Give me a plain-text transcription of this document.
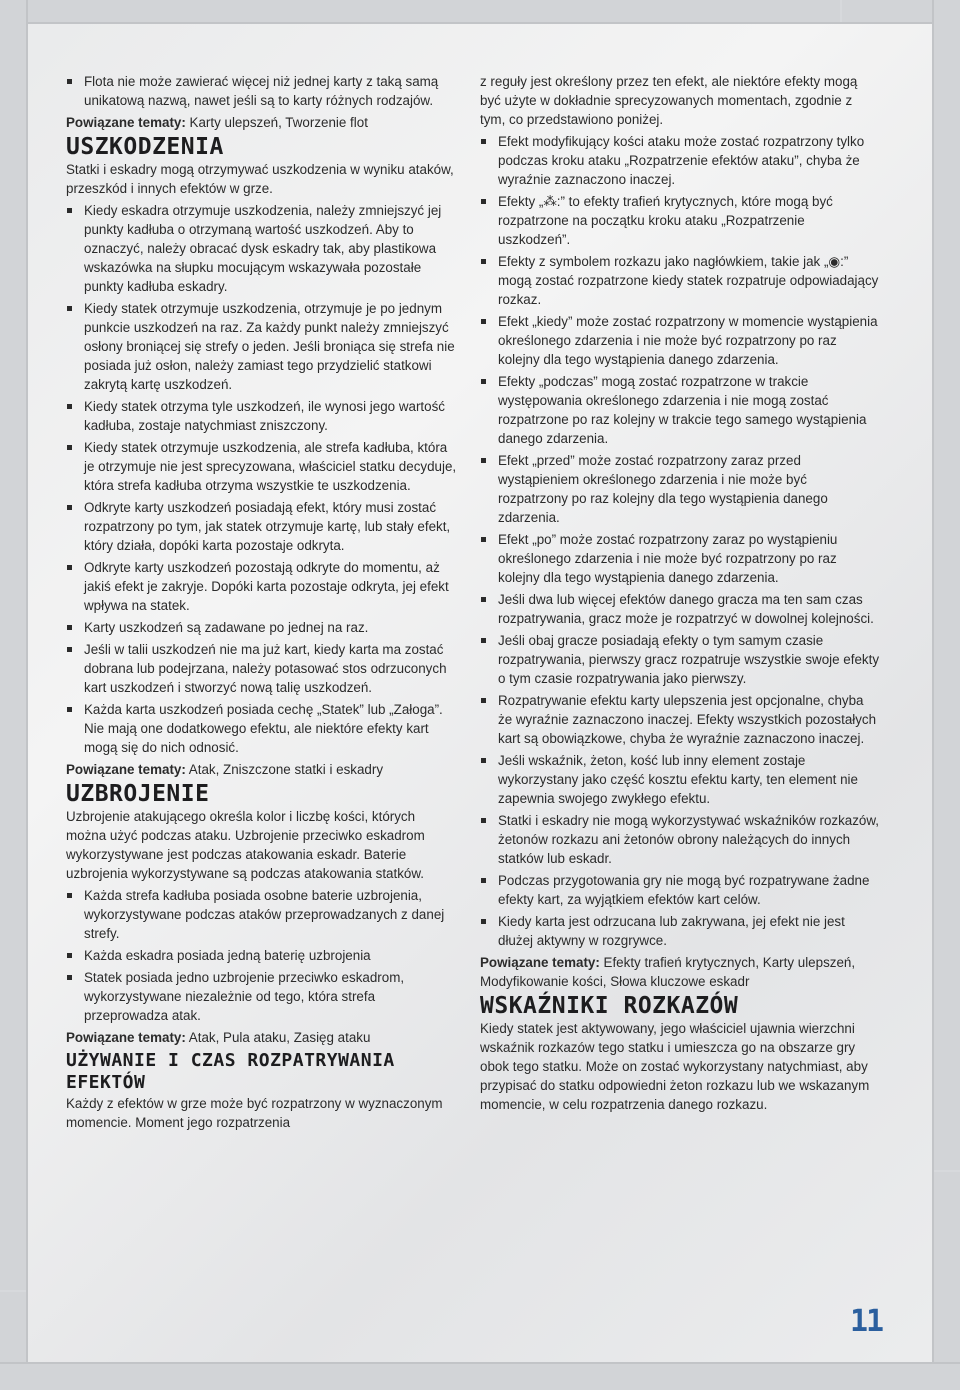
Flota nie może zawierać więcej niż jednej karty z taką samą unikatową nazwą, nawet jeśli są to karty różnych rodzajów.

Powiązane tematy: Karty ulepszeń, Tworzenie flot

USZKODZENIA

Statki i eskadry mogą otrzymywać uszkodzenia w wyniku ataków, przeszkód i innych efektów w grze.

Kiedy eskadra otrzymuje uszkodzenia, należy zmniejszyć jej punkty kadłuba o otrzymaną wartość uszkodzeń. Aby to oznaczyć, należy obracać dysk eskadry tak, aby plastikowa wskazówka na słupku mocującym wskazywała pozostałe punkty kadłuba eskadry.
Kiedy statek otrzymuje uszkodzenia, otrzymuje je po jednym punkcie uszkodzeń na raz. Za każdy punkt należy zmniejszyć osłony broniącej się strefy o jeden. Jeśli broniąca się strefa nie posiada już osłon, należy zamiast tego przydzielić statkowi zakrytą kartę uszkodzeń.
Kiedy statek otrzyma tyle uszkodzeń, ile wynosi jego wartość kadłuba, zostaje natychmiast zniszczony.
Kiedy statek otrzymuje uszkodzenia, ale strefa kadłuba, która je otrzymuje nie jest sprecyzowana, właściciel statku decyduje, która strefa kadłuba otrzyma wszystkie te uszkodzenia.
Odkryte karty uszkodzeń posiadają efekt, który musi zostać rozpatrzony po tym, jak statek otrzymuje kartę, lub stały efekt, który działa, dopóki karta pozostaje odkryta.
Odkryte karty uszkodzeń pozostają odkryte do momentu, aż jakiś efekt je zakryje. Dopóki karta pozostaje odkryta, jej efekt wpływa na statek.
Karty uszkodzeń są zadawane po jednej na raz.
Jeśli w talii uszkodzeń nie ma już kart, kiedy karta ma zostać dobrana lub podejrzana, należy potasować stos odrzuconych kart uszkodzeń i stworzyć nową talię uszkodzeń.
Każda karta uszkodzeń posiada cechę „Statek” lub „Załoga”. Nie mają one dodatkowego efektu, ale niektóre efekty kart mogą się do nich odnosić.

Powiązane tematy: Atak, Zniszczone statki i eskadry

UZBROJENIE

Uzbrojenie atakującego określa kolor i liczbę kości, których można użyć podczas ataku. Uzbrojenie przeciwko eskadrom wykorzystywane jest podczas atakowania eskadr. Baterie uzbrojenia wykorzystywane są podczas atakowania statków.

Każda strefa kadłuba posiada osobne baterie uzbrojenia, wykorzystywane podczas ataków przeprowadzanych z danej strefy.
Każda eskadra posiada jedną baterię uzbrojenia
Statek posiada jedno uzbrojenie przeciwko eskadrom, wykorzystywane niezależnie od tego, która strefa przeprowadza atak.

Powiązane tematy: Atak, Pula ataku, Zasięg ataku

UŻYWANIE I CZAS ROZPATRYWANIA EFEKTÓW

Każdy z efektów w grze może być rozpatrzony w wyznaczonym momencie. Moment jego rozpatrzenia

z reguły jest określony przez ten efekt, ale niektóre efekty mogą być użyte w dokładnie sprecyzowanych momentach, zgodnie z tym, co przedstawiono poniżej.

Efekt modyfikujący kości ataku może zostać rozpatrzony tylko podczas kroku ataku „Rozpatrzenie efektów ataku”, chyba że wyraźnie zaznaczono inaczej.
Efekty „⁂:” to efekty trafień krytycznych, które mogą być rozpatrzone na początku kroku ataku „Rozpatrzenie uszkodzeń”.
Efekty z symbolem rozkazu jako nagłówkiem, takie jak „◉:” mogą zostać rozpatrzone kiedy statek rozpatruje odpowiadający rozkaz.
Efekt „kiedy” może zostać rozpatrzony w momencie wystąpienia określonego zdarzenia i nie może być rozpatrzony po raz kolejny dla tego wystąpienia danego zdarzenia.
Efekty „podczas” mogą zostać rozpatrzone w trakcie występowania określonego zdarzenia i nie mogą zostać rozpatrzone po raz kolejny w trakcie tego samego wystąpienia danego zdarzenia.
Efekt „przed” może zostać rozpatrzony zaraz przed wystąpieniem określonego zdarzenia i nie może być rozpatrzony po raz kolejny dla tego wystąpienia danego zdarzenia.
Efekt „po” może zostać rozpatrzony zaraz po wystąpieniu określonego zdarzenia i nie może być rozpatrzony po raz kolejny dla tego wystąpienia danego zdarzenia.
Jeśli dwa lub więcej efektów danego gracza ma ten sam czas rozpatrywania, gracz może je rozpatrzyć w dowolnej kolejności.
Jeśli obaj gracze posiadają efekty o tym samym czasie rozpatrywania, pierwszy gracz rozpatruje wszystkie swoje efekty o tym czasie rozpatrywania jako pierwszy.
Rozpatrywanie efektu karty ulepszenia jest opcjonalne, chyba że wyraźnie zaznaczono inaczej. Efekty wszystkich pozostałych kart są obowiązkowe, chyba że wyraźnie zaznaczono inaczej.
Jeśli wskaźnik, żeton, kość lub inny element zostaje wykorzystany jako część kosztu efektu karty, ten element nie zapewnia swojego zwykłego efektu.
Statki i eskadry nie mogą wykorzystywać wskaźników rozkazów, żetonów rozkazu ani żetonów obrony należących do innych statków lub eskadr.
Podczas przygotowania gry nie mogą być rozpatrywane żadne efekty kart, za wyjątkiem efektów kart celów.
Kiedy karta jest odrzucana lub zakrywana, jej efekt nie jest dłużej aktywny w rozgrywce.

Powiązane tematy: Efekty trafień krytycznych, Karty ulepszeń, Modyfikowanie kości, Słowa kluczowe eskadr

WSKAŹNIKI ROZKAZÓW

Kiedy statek jest aktywowany, jego właściciel ujawnia wierzchni wskaźnik rozkazów tego statku i umieszcza go na obszarze gry obok tego statku. Może on zostać wykorzystany natychmiast, aby przypisać do statku odpowiedni żeton rozkazu lub we wskazanym momencie, w celu rozpatrzenia danego rozkazu.

11
